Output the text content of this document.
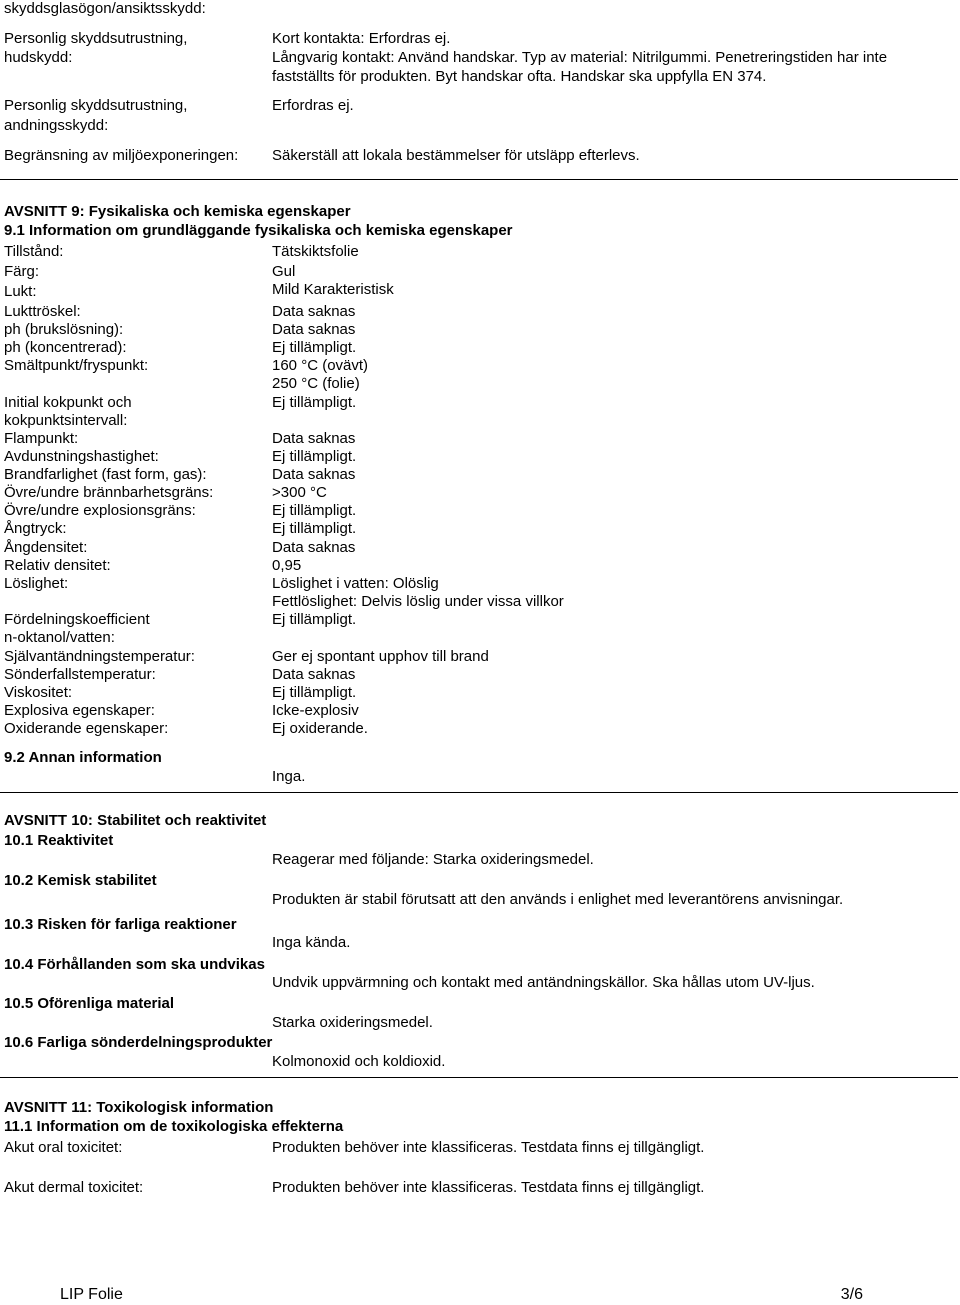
skyddsglasögon/ansiktsskydd:
Personlig skyddsutrustning,
hudskydd:
Kort kontakta: Erfordras ej.
Långvarig kontakt: Använd handskar. Typ av material: Nitrilgummi. Penetreringstiden har inte
fastställts för produkten. Byt handskar ofta. Handskar ska uppfylla EN 374.
Personlig skyddsutrustning,
andningsskydd:
Erfordras ej.
Begränsning av miljöexponeringen: Säkerställ att lokala bestämmelser för utsläpp efterlevs.
AVSNITT 9: Fysikaliska och kemiska egenskaper
9.1 Information om grundläggande fysikaliska och kemiska egenskaper
Tillstånd:	Tätskiktsfolie
Färg:	Gul
Lukt:	Mild Karakteristisk
Lukttröskel:	Data saknas
ph (brukslösning):	Data saknas
ph (koncentrerad):	Ej tillämpligt.
Smältpunkt/fryspunkt:	160 °C (ovävt)
250 °C (folie)
Initial kokpunkt och
kokpunktsintervall:
Ej tillämpligt.
Flampunkt:	Data saknas
Avdunstningshastighet:	Ej tillämpligt.
Brandfarlighet (fast form, gas):	Data saknas
Övre/undre brännbarhetsgräns:	>300 °C
Övre/undre explosionsgräns:	Ej tillämpligt.
Ångtryck:	Ej tillämpligt.
Ångdensitet:	Data saknas
Relativ densitet:	0,95
Löslighet:	Löslighet i vatten: Olöslig
Fettlöslighet: Delvis löslig under vissa villkor
Fördelningskoefficient
n-oktanol/vatten:
Ej tillämpligt.
Självantändningstemperatur:	Ger ej spontant upphov till brand
Sönderfallstemperatur:	Data saknas
Viskositet:	Ej tillämpligt.
Explosiva egenskaper:	Icke-explosiv
Oxiderande egenskaper:	Ej oxiderande.
9.2 Annan information
Inga.
AVSNITT 10: Stabilitet och reaktivitet
10.1 Reaktivitet
Reagerar med följande: Starka oxideringsmedel.
10.2 Kemisk stabilitet
Produkten är stabil förutsatt att den används i enlighet med leverantörens anvisningar.
10.3 Risken för farliga reaktioner
Inga kända.
10.4 Förhållanden som ska undvikas
Undvik uppvärmning och kontakt med antändningskällor. Ska hållas utom UV-ljus.
10.5 Oförenliga material
Starka oxideringsmedel.
10.6 Farliga sönderdelningsprodukter
Kolmonoxid och koldioxid.
AVSNITT 11: Toxikologisk information
11.1 Information om de toxikologiska effekterna
Akut oral toxicitet:	Produkten behöver inte klassificeras. Testdata finns ej tillgängligt.
Akut dermal toxicitet:	Produkten behöver inte klassificeras. Testdata finns ej tillgängligt.
LIP Folie	3/6
